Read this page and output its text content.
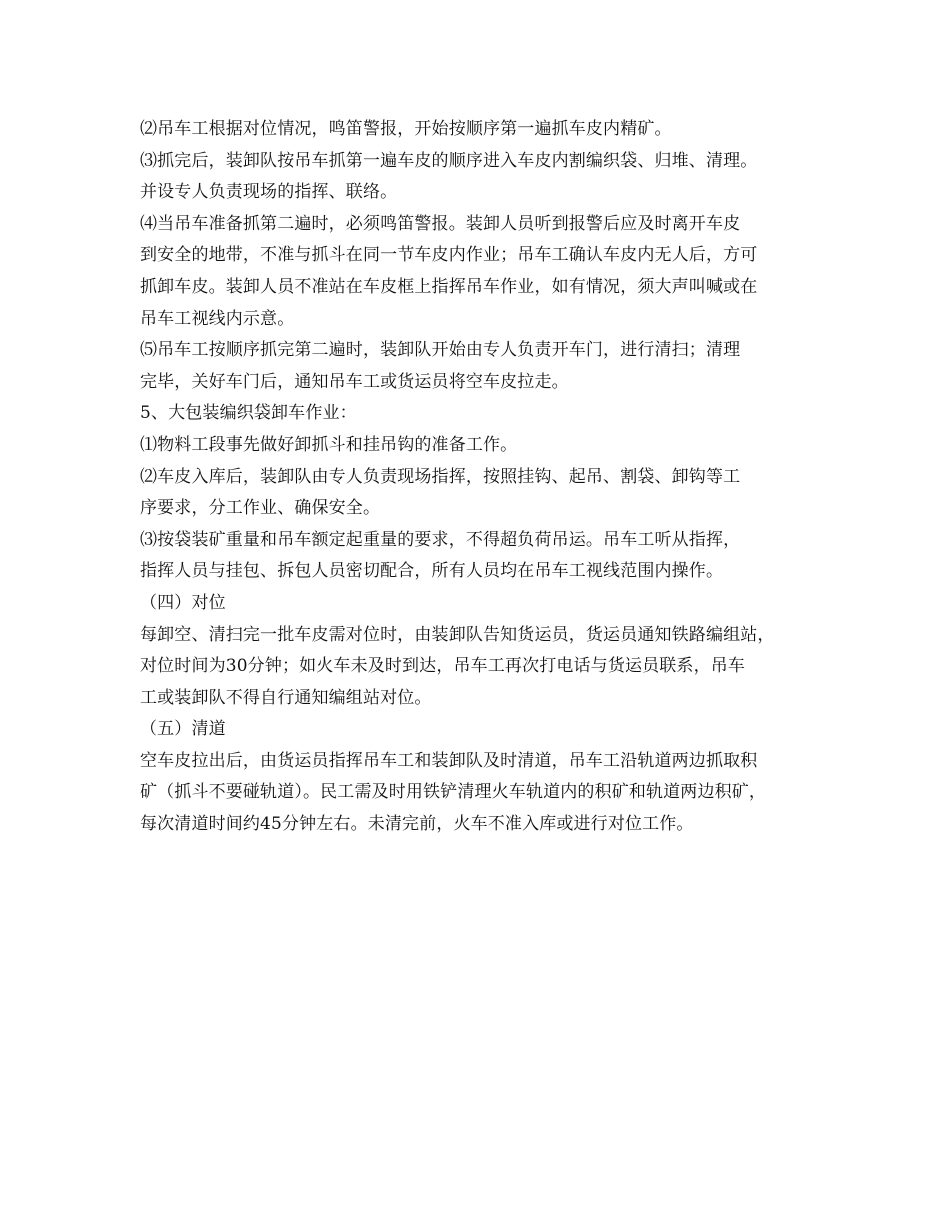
⑵吊车工根据对位情况，鸣笛警报，开始按顺序第一遍抓车皮内精矿。
⑶抓完后，装卸队按吊车抓第一遍车皮的顺序进入车皮内割编织袋、归堆、清理。
并设专人负责现场的指挥、联络。
⑷当吊车准备抓第二遍时，必须鸣笛警报。装卸人员听到报警后应及时离开车皮
到安全的地带，不准与抓斗在同一节车皮内作业；吊车工确认车皮内无人后，方可
抓卸车皮。装卸人员不准站在车皮框上指挥吊车作业，如有情况，须大声叫喊或在
吊车工视线内示意。
⑸吊车工按顺序抓完第二遍时，装卸队开始由专人负责开车门，进行清扫；清理
完毕，关好车门后，通知吊车工或货运员将空车皮拉走。
5、大包装编织袋卸车作业：
⑴物料工段事先做好卸抓斗和挂吊钩的准备工作。
⑵车皮入库后，装卸队由专人负责现场指挥，按照挂钩、起吊、割袋、卸钩等工
序要求，分工作业、确保安全。
⑶按袋装矿重量和吊车额定起重量的要求，不得超负荷吊运。吊车工听从指挥，
指挥人员与挂包、拆包人员密切配合，所有人员均在吊车工视线范围内操作。
（四）对位
每卸空、清扫完一批车皮需对位时，由装卸队告知货运员，货运员通知铁路编组站，
对位时间为30分钟；如火车未及时到达，吊车工再次打电话与货运员联系，吊车
工或装卸队不得自行通知编组站对位。
（五）清道
空车皮拉出后，由货运员指挥吊车工和装卸队及时清道，吊车工沿轨道两边抓取积
矿（抓斗不要碰轨道）。民工需及时用铁铲清理火车轨道内的积矿和轨道两边积矿，
每次清道时间约45分钟左右。未清完前，火车不准入库或进行对位工作。
